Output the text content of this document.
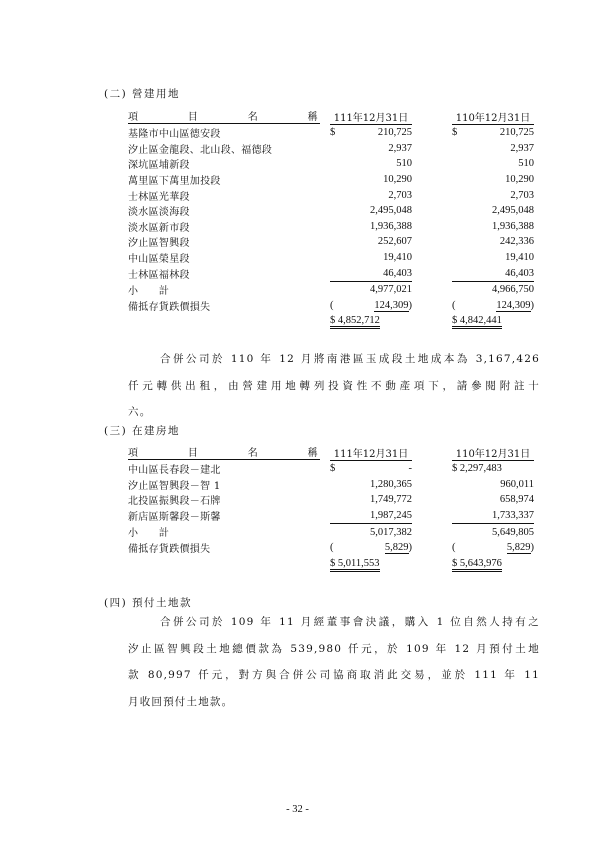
(二) 營建用地
項 目 名 稱		111年12月31日			110年12月31日	
基隆市中山區德安段		$	210,725		$	210,725
汐止區金龍段、北山段、福德段			2,937			2,937
深坑區埔新段			510			510
萬里區下萬里加投段			10,290			10,290
士林區光華段			2,703			2,703
淡水區淡海段			2,495,048			2,495,048
淡水區新市段			1,936,388			1,936,388
汐止區智興段			252,607			242,336
中山區榮星段			19,410			19,410
士林區福林段			46,403			46,403
小　　計			4,977,021			4,966,750
備抵存貨跌價損失		(	124,309)		(	124,309)
		$ 4,852,712			$ 4,842,441	
合併公司於 110 年 12 月將南港區玉成段土地成本為 3,167,426
仟元轉供出租，由營建用地轉列投資性不動產項下，請參閱附註十
六。
(三) 在建房地
項 目 名 稱		111年12月31日			110年12月31日	
中山區長春段－建北		$	-		$ 2,297,483	
汐止區智興段－智 1			1,280,365			960,011
北投區振興段－石牌			1,749,772			658,974
新店區斯馨段－斯馨			1,987,245			1,733,337
小　　計			5,017,382			5,649,805
備抵存貨跌價損失		(	5,829)		(	5,829)
		$ 5,011,553			$ 5,643,976	
(四) 預付土地款
合併公司於 109 年 11 月經董事會決議，購入 1 位自然人持有之
汐止區智興段土地總價款為 539,980 仟元，於 109 年 12 月預付土地
款 80,997 仟元，對方與合併公司協商取消此交易，並於 111 年 11
月收回預付土地款。
- 32 -
